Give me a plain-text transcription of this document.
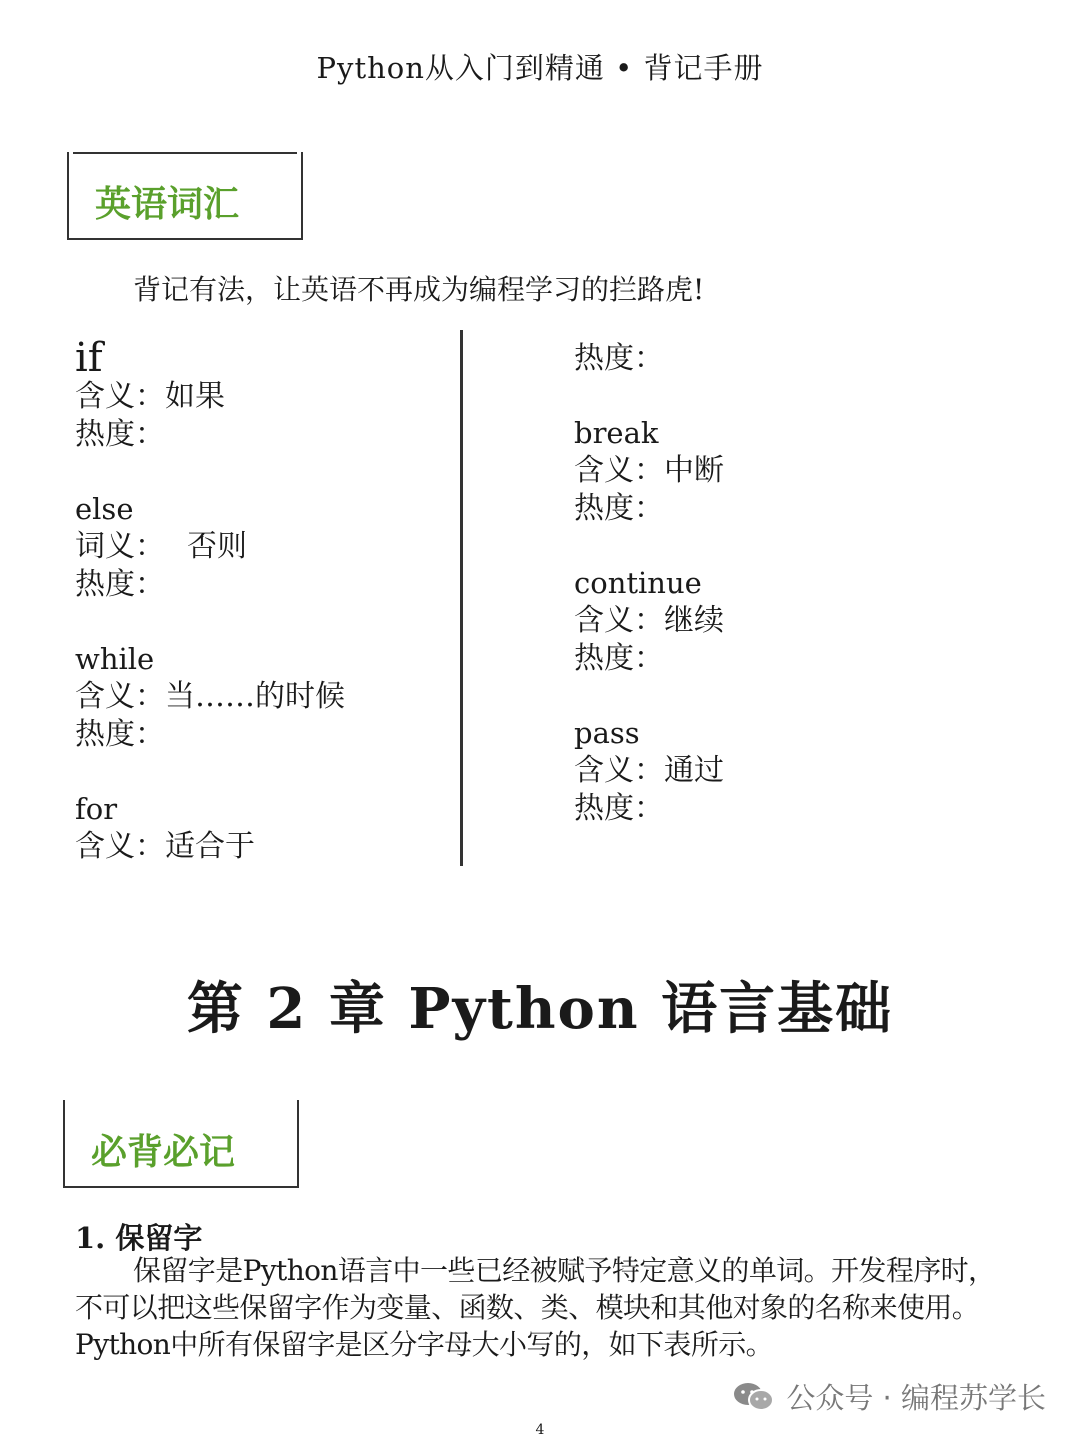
Python从入门到精通 • 背记手册
英语词汇
背记有法，让英语不再成为编程学习的拦路虎!
if
含义：如果
热度：
else
词义： 否则
热度：
while
含义：当……的时候
热度：
for
含义：适合于
热度：
break
含义：中断
热度：
continue
含义：继续
热度：
pass
含义：通过
热度：
第 2 章 Python 语言基础
必背必记
1. 保留字
保留字是Python语言中一些已经被赋予特定意义的单词。开发程序时，不可以把这些保留字作为变量、函数、类、模块和其他对象的名称来使用。Python中所有保留字是区分字母大小写的，如下表所示。
公众号 · 编程苏学长
4
